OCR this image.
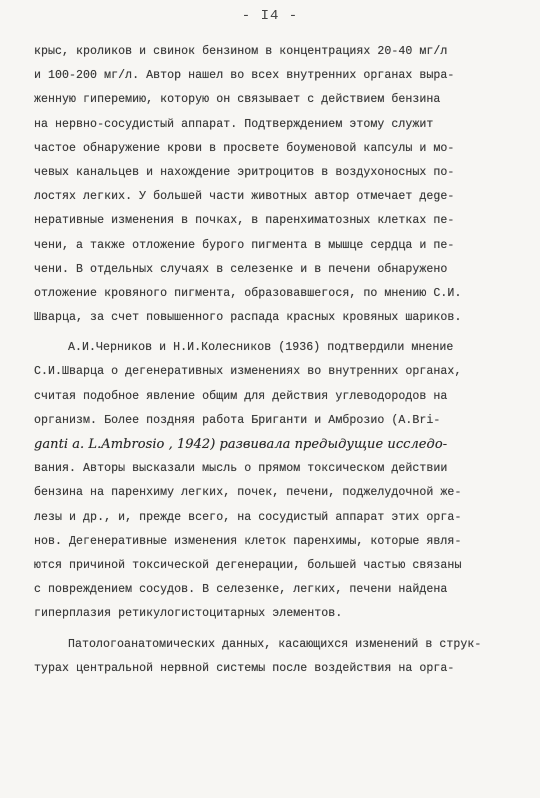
- I4 -
крыс, кроликов и свинок бензином в концентрациях 20-40 мг/л
и 100-200 мг/л. Автор нашел во всех внутренних органах выра-
женную гиперемию, которую он связывает с действием бензина
на нервно-сосудистый аппарат. Подтверждением этому служит
частое обнаружение крови в просвете боуменовой капсулы и мо-
чевых канальцев и нахождение эритроцитов в воздухоносных по-
лостях легких. У большей части животных автор отмечает дege-
неративные изменения в почках, в паренхиматозных клетках пе-
чени, а также отложение бурого пигмента в мышце сердца и пе-
чени. В отдельных случаях в селезенке и в печени обнаружено
отложение кровяного пигмента, образовавшегося, по мнению С.И.
Шварца, за счет повышенного распада красных кровяных шариков.
А.И.Черников и Н.И.Колесников (1936) подтвердили мнение
С.И.Шварца о дегенеративных изменениях во внутренних органах,
считая подобное явление общим для действия углеводородов на
организм. Более поздняя работа Бриганти и Амброзио (A.Bri-
ganti a. L.Ambrosio , 1942) развивала предыдущие исследо-
вания. Авторы высказали мысль о прямом токсическом действии
бензина на паренхиму легких, почек, печени, поджелудочной же-
лезы и др., и, прежде всего, на сосудистый аппарат этих орга-
нов. Дегенеративные изменения клеток паренхимы, которые явля-
ются причиной токсической дегенерации, большей частью связаны
с повреждением сосудов. В селезенке, легких, печени найдена
гиперплазия ретикулогистоцитарных элементов.
Патологоанатомических данных, касающихся изменений в струк-
турах центральной нервной системы после воздействия на орга-
